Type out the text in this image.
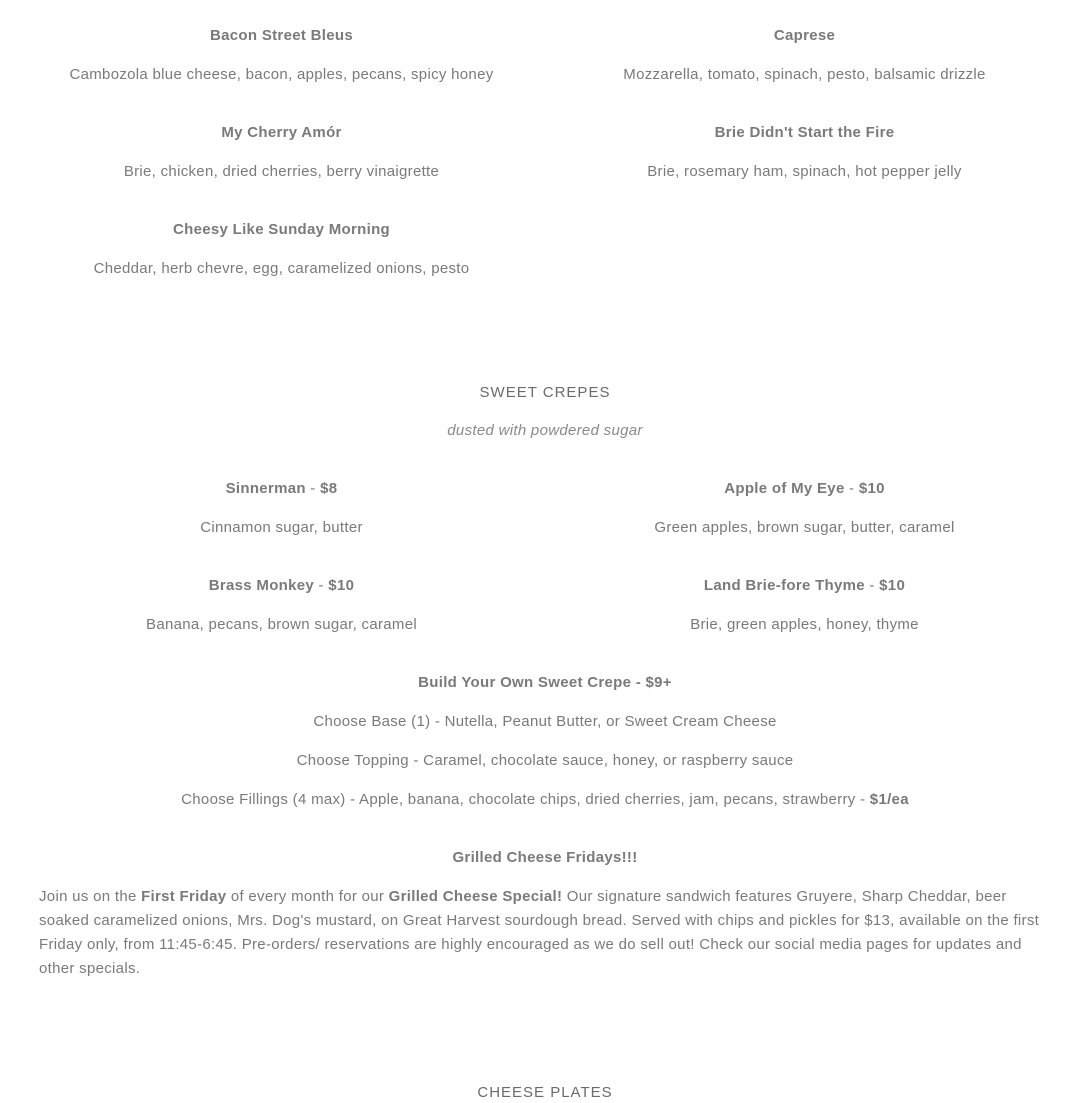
Bacon Street Bleus
Cambozola blue cheese, bacon, apples, pecans, spicy honey
My Cherry Amór
Brie, chicken, dried cherries, berry vinaigrette
Cheesy Like Sunday Morning
Cheddar, herb chevre, egg, caramelized onions, pesto
Caprese
Mozzarella, tomato, spinach, pesto, balsamic drizzle
Brie Didn't Start the Fire
Brie, rosemary ham, spinach, hot pepper jelly
SWEET CREPES
dusted with powdered sugar
Sinnerman - $8
Cinnamon sugar, butter
Brass Monkey - $10
Banana, pecans, brown sugar, caramel
Apple of My Eye - $10
Green apples, brown sugar, butter, caramel
Land Brie-fore Thyme - $10
Brie, green apples, honey, thyme
Build Your Own Sweet Crepe - $9+
Choose Base (1) - Nutella, Peanut Butter, or Sweet Cream Cheese
Choose Topping - Caramel, chocolate sauce, honey, or raspberry sauce
Choose Fillings (4 max) - Apple, banana, chocolate chips, dried cherries, jam, pecans, strawberry - $1/ea
Grilled Cheese Fridays!!!
Join us on the First Friday of every month for our Grilled Cheese Special! Our signature sandwich features Gruyere, Sharp Cheddar, beer soaked caramelized onions, Mrs. Dog's mustard, on Great Harvest sourdough bread. Served with chips and pickles for $13, available on the first Friday only, from 11:45-6:45. Pre-orders/ reservations are highly encouraged as we do sell out! Check our social media pages for updates and other specials.
CHEESE PLATES
